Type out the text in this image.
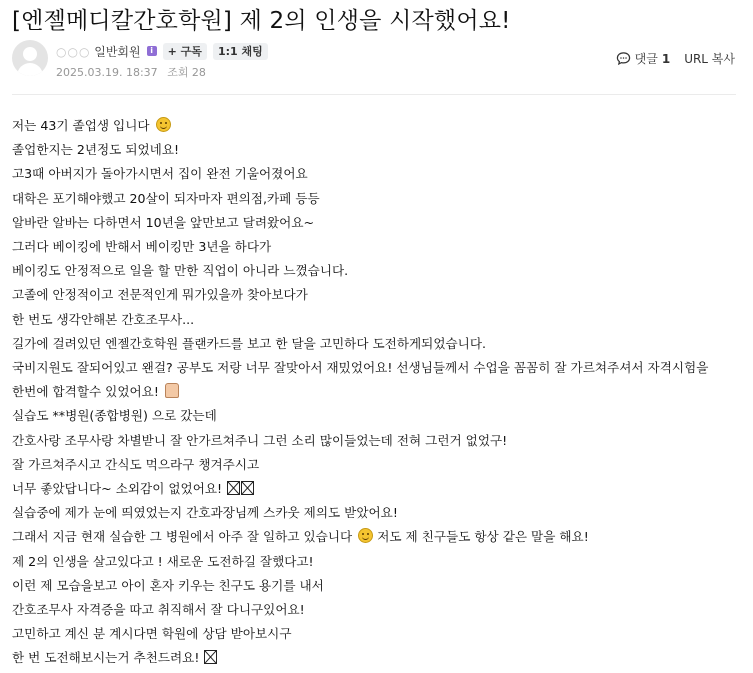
[엔젤메디칼간호학원] 제 2의 인생을 시작했어요!
○○○ 일반회원	i	+ 구독 1:1 채팅
2025.03.19. 18:37 조회 28
댓글 1 URL 복사
저는 43기 졸업생 입니다
졸업한지는 2년정도 되었네요!
고3때 아버지가 돌아가시면서 집이 완전 기울어졌어요
대학은 포기해야했고 20살이 되자마자 편의점,카페 등등
알바란 알바는 다하면서 10년을 앞만보고 달려왔어요~
그러다 베이킹에 반해서 베이킹만 3년을 하다가
베이킹도 안정적으로 일을 할 만한 직업이 아니라 느꼈습니다.
고졸에 안정적이고 전문적인게 뭐가있을까 찾아보다가
한 번도 생각안해본 간호조무사...
길가에 걸려있던 엔젤간호학원 플랜카드를 보고 한 달을 고민하다 도전하게되었습니다.
국비지원도 잘되어있고 왠걸? 공부도 저랑 너무 잘맞아서 재밌었어요! 선생님들께서 수업을 꼼꼼히 잘 가르쳐주셔서 자격시험을
한번에 합격할수 있었어요!
실습도 **병원(종합병원) 으로 갔는데
간호사랑 조무사랑 차별받니 잘 안가르쳐주니 그런 소리 많이들었는데 전혀 그런거 없었구!
잘 가르쳐주시고 간식도 먹으라구 챙겨주시고
너무 좋았답니다~ 소외감이 없었어요!
실습중에 제가 눈에 띄였었는지 간호과장님께 스카웃 제의도 받았어요!
그래서 지금 현재 실습한 그 병원에서 아주 잘 일하고 있습니다  저도 제 친구들도 항상 같은 말을 해요!
제 2의 인생을 살고있다고 ! 새로운 도전하길 잘했다고!
이런 제 모습을보고 아이 혼자 키우는 친구도 용기를 내서
간호조무사 자격증을 따고 취직해서 잘 다니구있어요!
고민하고 계신 분 계시다면 학원에 상담 받아보시구
한 번 도전해보시는거 추천드려요!
